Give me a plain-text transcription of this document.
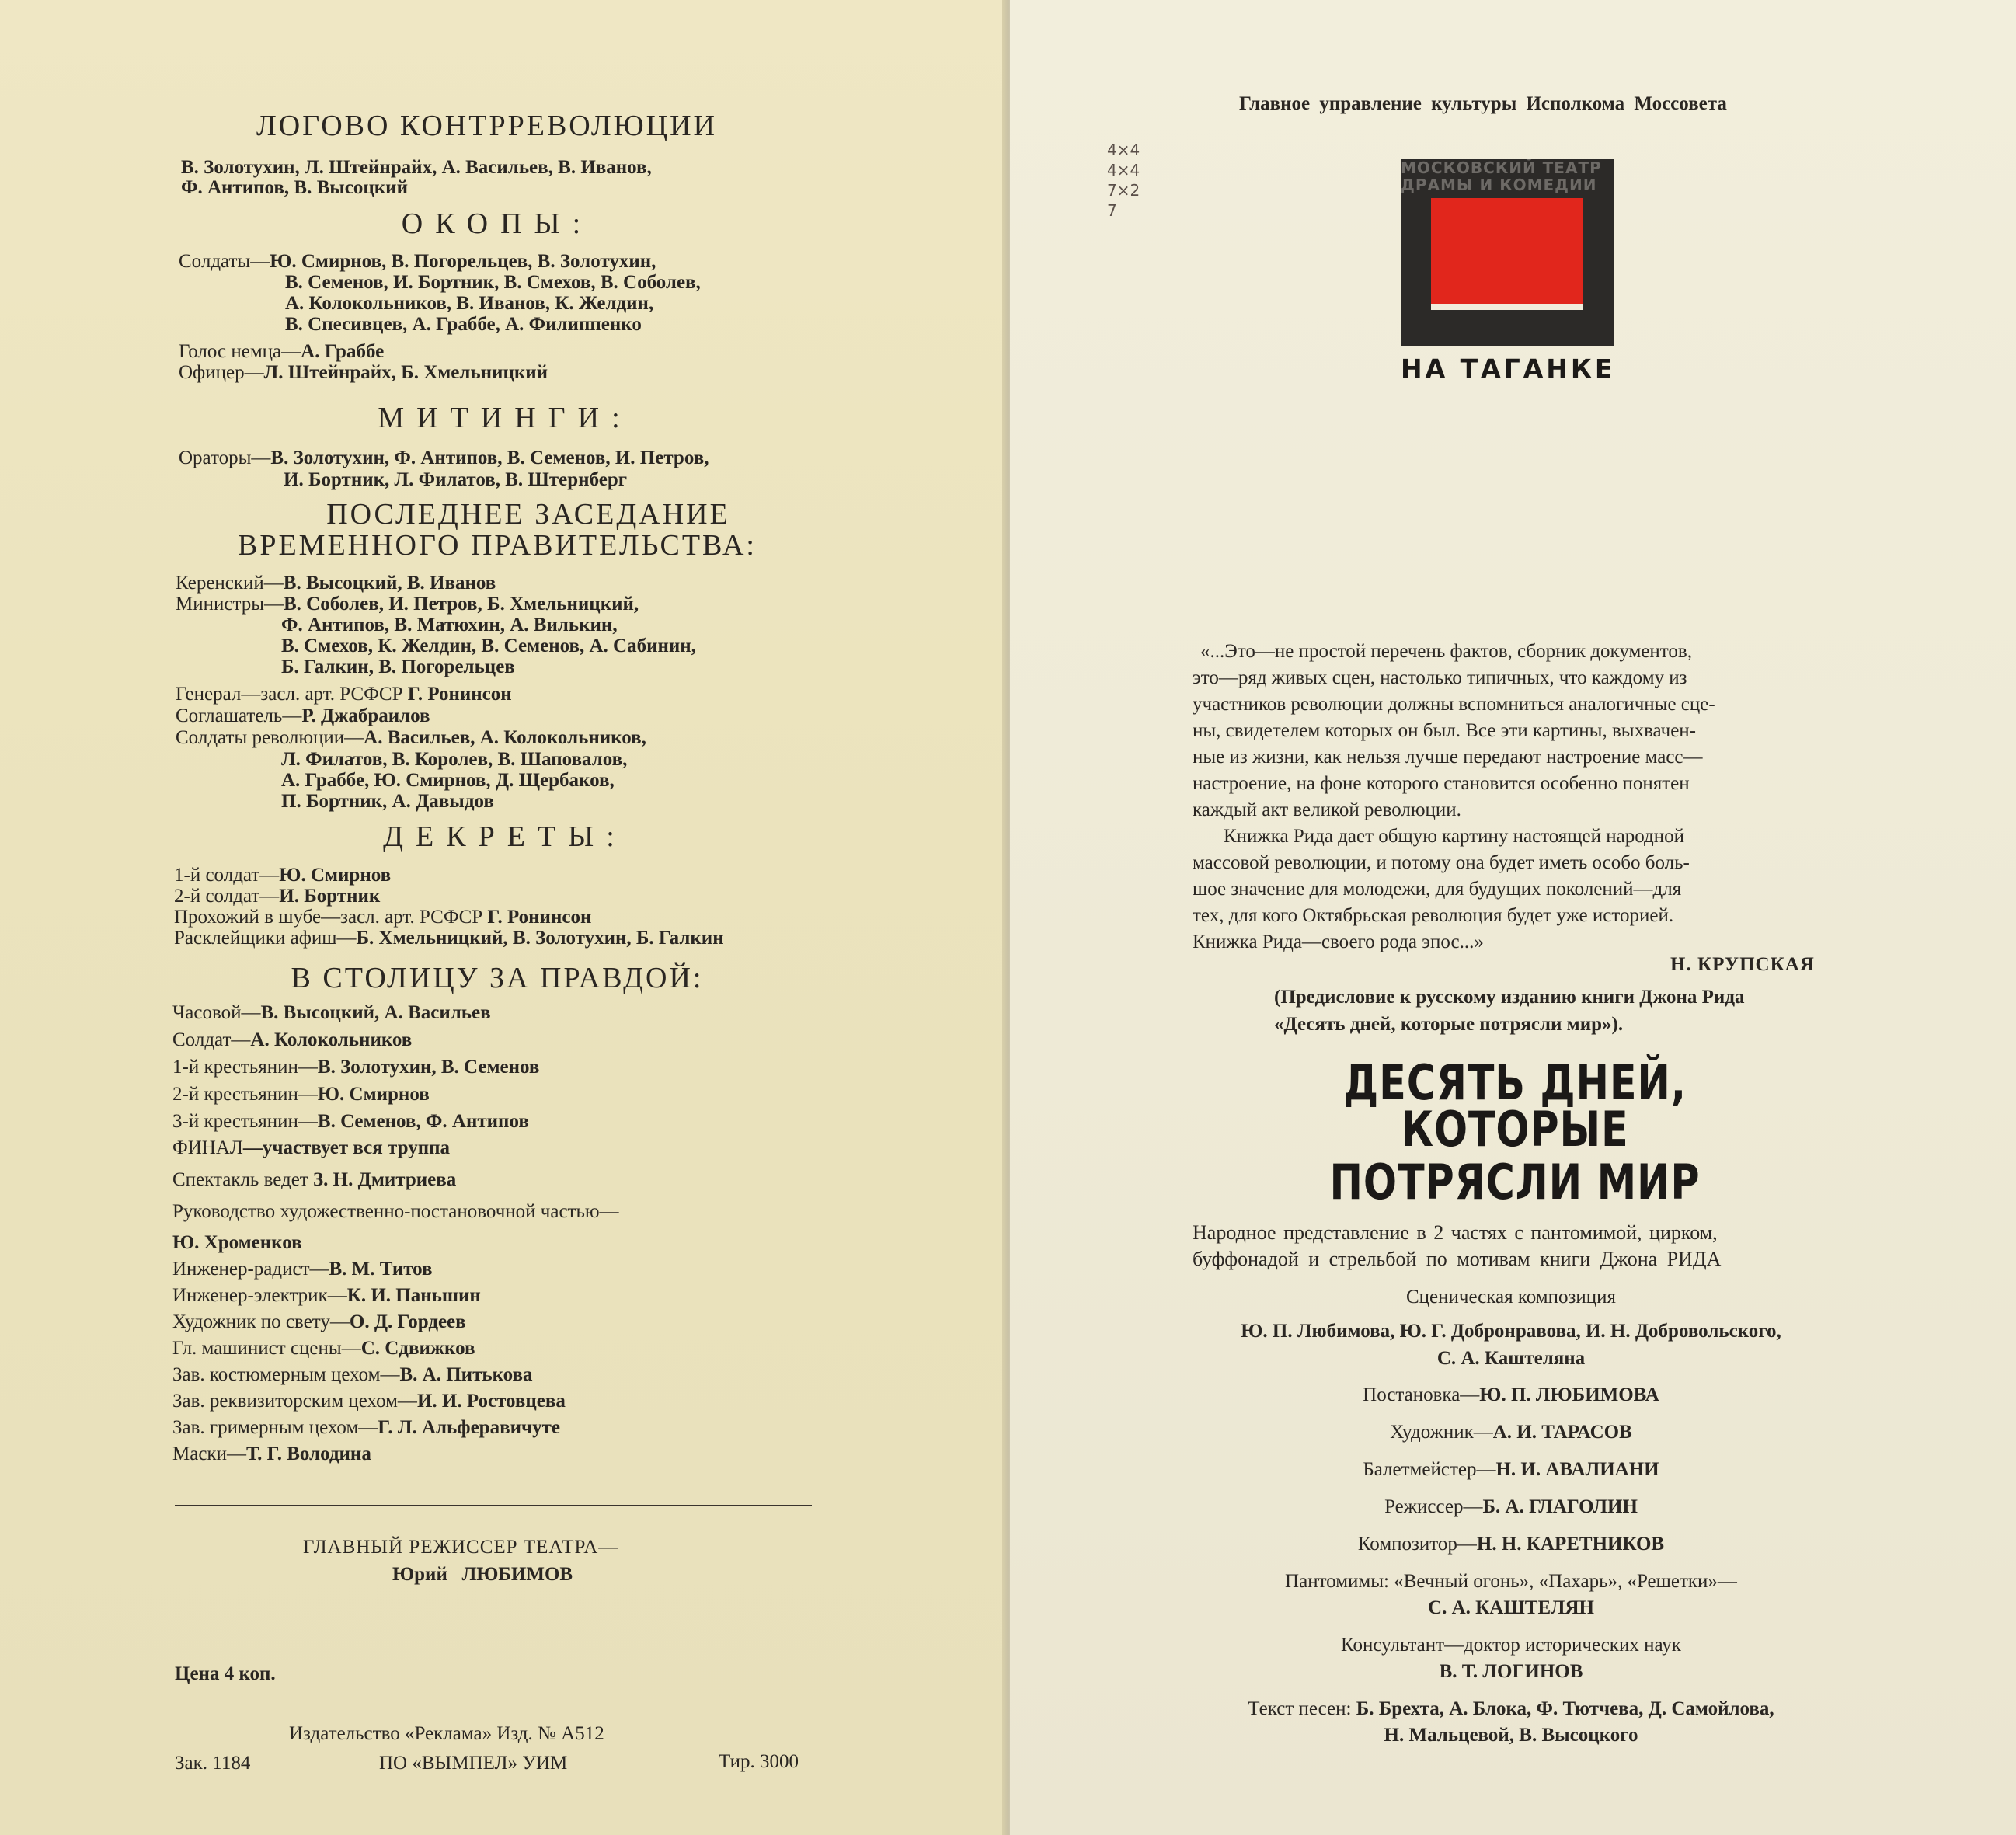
ЛОГОВО КОНТРРЕВОЛЮЦИИ
В. Золотухин, Л. Штейнрайх, А. Васильев, В. Иванов,
Ф. Антипов, В. Высоцкий
ОКОПЫ:
Солдаты—Ю. Смирнов, В. Погорельцев, В. Золотухин,
В. Семенов, И. Бортник, В. Смехов, В. Соболев,
А. Колокольников, В. Иванов, К. Желдин,
В. Спесивцев, А. Граббе, А. Филиппенко
Голос немца—А. Граббе
Офицер—Л. Штейнрайх, Б. Хмельницкий
МИТИНГИ:
Ораторы—В. Золотухин, Ф. Антипов, В. Семенов, И. Петров,
И. Бортник, Л. Филатов, В. Штернберг
ПОСЛЕДНЕЕ ЗАСЕДАНИЕ
ВРЕМЕННОГО ПРАВИТЕЛЬСТВА:
Керенский—В. Высоцкий, В. Иванов
Министры—В. Соболев, И. Петров, Б. Хмельницкий,
Ф. Антипов, В. Матюхин, А. Вилькин,
В. Смехов, К. Желдин, В. Семенов, А. Сабинин,
Б. Галкин, В. Погорельцев
Генерал—засл. арт. РСФСР Г. Ронинсон
Соглашатель—Р. Джабраилов
Солдаты революции—А. Васильев, А. Колокольников,
Л. Филатов, В. Королев, В. Шаповалов,
А. Граббе, Ю. Смирнов, Д. Щербаков,
П. Бортник, А. Давыдов
ДЕКРЕТЫ:
1-й солдат—Ю. Смирнов
2-й солдат—И. Бортник
Прохожий в шубе—засл. арт. РСФСР Г. Ронинсон
Расклейщики афиш—Б. Хмельницкий, В. Золотухин, Б. Галкин
В СТОЛИЦУ ЗА ПРАВДОЙ:
Часовой—В. Высоцкий, А. Васильев
Солдат—А. Колокольников
1-й крестьянин—В. Золотухин, В. Семенов
2-й крестьянин—Ю. Смирнов
3-й крестьянин—В. Семенов, Ф. Антипов
ФИНАЛ—участвует вся труппа
Спектакль ведет З. Н. Дмитриева
Руководство художественно-постановочной частью—
Ю. Хроменков
Инженер-радист—В. М. Титов
Инженер-электрик—К. И. Паньшин
Художник по свету—О. Д. Гордеев
Гл. машинист сцены—С. Сдвижков
Зав. костюмерным цехом—В. А. Питькова
Зав. реквизиторским цехом—И. И. Ростовцева
Зав. гримерным цехом—Г. Л. Альферавичуте
Маски—Т. Г. Володина
ГЛАВНЫЙ РЕЖИССЕР ТЕАТРА—
Юрий ЛЮБИМОВ
Цена 4 коп.
Издательство «Реклама» Изд. № А512
Зак. 1184	ПО «ВЫМПЕЛ» УИМ	Тир. 3000
Главное управление культуры Исполкома Моссовета
4×4
4×4
7×2
7
МОСКОВСКИЙ ТЕАТР ДРАМЫ И КОМЕДИИ
НА ТАГАНКЕ
«...Это—не простой перечень фактов, сборник документов,
это—ряд живых сцен, настолько типичных, что каждому из
участников революции должны вспомниться аналогичные сце-
ны, свидетелем которых он был. Все эти картины, выхвачен-
ные из жизни, как нельзя лучше передают настроение масс—
настроение, на фоне которого становится особенно понятен
каждый акт великой революции.
Книжка Рида дает общую картину настоящей народной
массовой революции, и потому она будет иметь особо боль-
шое значение для молодежи, для будущих поколений—для
тех, для кого Октябрьская революция будет уже историей.
Книжка Рида—своего рода эпос...»
Н. КРУПСКАЯ
(Предисловие к русскому изданию книги Джона Рида
«Десять дней, которые потрясли мир»).
ДЕСЯТЬ ДНЕЙ,
КОТОРЫЕ
ПОТРЯСЛИ МИР
Народное представление в 2 частях с пантомимой, цирком,
буффонадой и стрельбой по мотивам книги Джона РИДА
Сценическая композиция
Ю. П. Любимова, Ю. Г. Добронравова, И. Н. Добровольского,
С. А. Каштеляна
Постановка—Ю. П. ЛЮБИМОВА
Художник—А. И. ТАРАСОВ
Балетмейстер—Н. И. АВАЛИАНИ
Режиссер—Б. А. ГЛАГОЛИН
Композитор—Н. Н. КАРЕТНИКОВ
Пантомимы: «Вечный огонь», «Пахарь», «Решетки»—
С. А. КАШТЕЛЯН
Консультант—доктор исторических наук
В. Т. ЛОГИНОВ
Текст песен: Б. Брехта, А. Блока, Ф. Тютчева, Д. Самойлова,
Н. Мальцевой, В. Высоцкого
